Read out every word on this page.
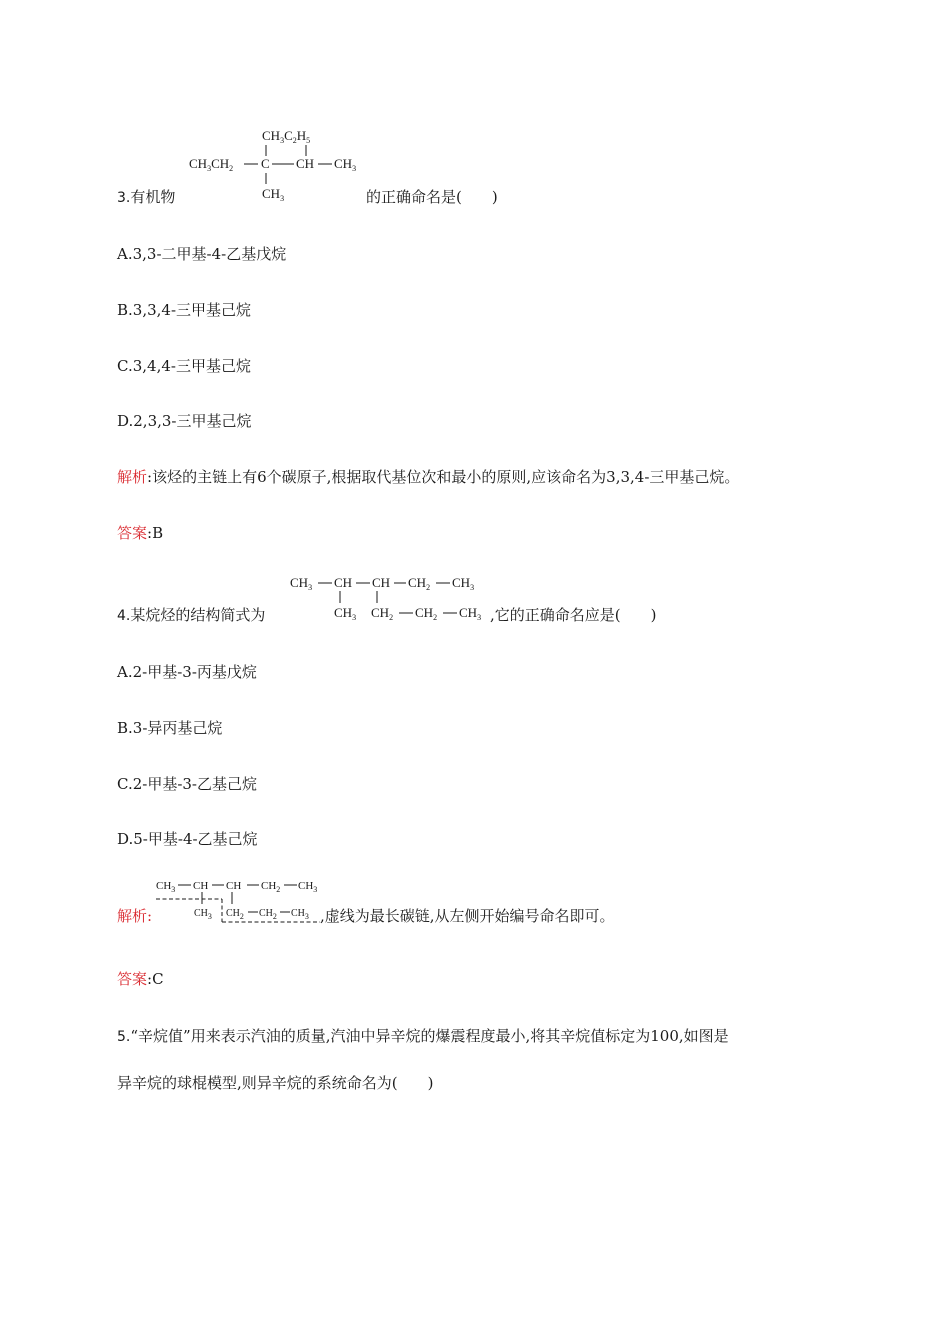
$CH_3C_2H_5$
$CH_3CH_2$ C CH $CH_3$
$CH_3$
3.有机物	的正确命名是(　　)
A.3,3-二甲基-4-乙基戊烷
B.3,3,4-三甲基己烷
C.3,4,4-三甲基己烷
D.2,3,3-三甲基己烷
解析:该烃的主链上有6个碳原子,根据取代基位次和最小的原则,应该命名为3,3,4-三甲基己烷。
答案:B
$CH_3$ CH CH $CH_2$ $CH_3$
$CH_3$ $CH_2$ $CH_2$ $CH_3$
4.某烷烃的结构简式为	,它的正确命名应是(　　)
A.2-甲基-3-丙基戊烷
B.3-异丙基己烷
C.2-甲基-3-乙基己烷
D.5-甲基-4-乙基己烷
$CH_3$ CH CH $CH_2$ $CH_3$
$CH_3$ $CH_2$ $CH_2$ $CH_3$
解析:	,虚线为最长碳链,从左侧开始编号命名即可。
答案:C
5.“辛烷值”用来表示汽油的质量,汽油中异辛烷的爆震程度最小,将其辛烷值标定为100,如图是
异辛烷的球棍模型,则异辛烷的系统命名为(　　)
